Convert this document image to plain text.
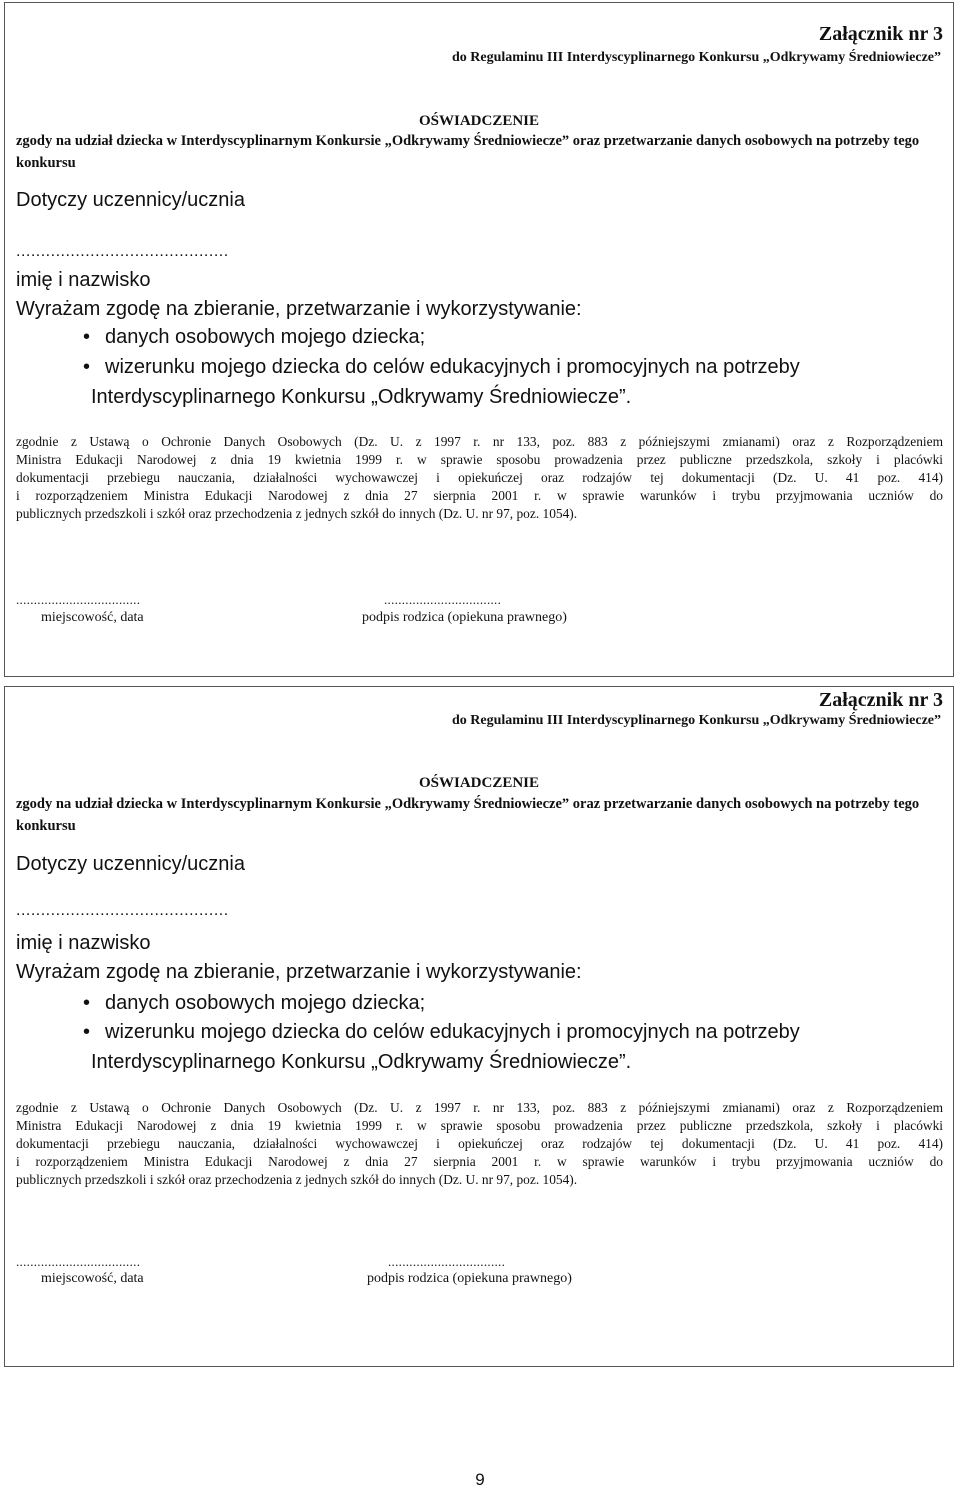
Załącznik nr 3
do Regulaminu III Interdyscyplinarnego Konkursu „Odkrywamy Średniowiecze”
OŚWIADCZENIE
zgody na udział dziecka w Interdyscyplinarnym Konkursie „Odkrywamy Średniowiecze” oraz przetwarzanie danych osobowych na potrzeby tego konkursu
Dotyczy uczennicy/ucznia
...........................................
imię i nazwisko
Wyrażam zgodę na zbieranie, przetwarzanie i wykorzystywanie:
• danych osobowych mojego dziecka;
• wizerunku mojego dziecka do celów edukacyjnych i promocyjnych na potrzeby
Interdyscyplinarnego Konkursu „Odkrywamy Średniowiecze”.

zgodnie z Ustawą o Ochronie Danych Osobowych (Dz. U. z 1997 r. nr 133, poz. 883 z późniejszymi zmianami) oraz z Rozporządzeniem

Ministra Edukacji Narodowej z dnia 19 kwietnia 1999 r. w sprawie sposobu prowadzenia przez publiczne przedszkola, szkoły i placówki

dokumentacji przebiegu nauczania, działalności wychowawczej i opiekuńczej oraz rodzajów tej dokumentacji (Dz. U. 41 poz. 414)

i rozporządzeniem Ministra Edukacji Narodowej z dnia 27 sierpnia 2001 r. w sprawie warunków i trybu przyjmowania uczniów do

publicznych przedszkoli i szkół oraz przechodzenia z jednych szkół do innych (Dz. U. nr 97, poz. 1054).

...................................
miejscowość, data
.................................
podpis rodzica (opiekuna prawnego)
Załącznik nr 3
do Regulaminu III Interdyscyplinarnego Konkursu „Odkrywamy Średniowiecze”
OŚWIADCZENIE
zgody na udział dziecka w Interdyscyplinarnym Konkursie „Odkrywamy Średniowiecze” oraz przetwarzanie danych osobowych na potrzeby tego konkursu
Dotyczy uczennicy/ucznia
...........................................
imię i nazwisko
Wyrażam zgodę na zbieranie, przetwarzanie i wykorzystywanie:
• danych osobowych mojego dziecka;
• wizerunku mojego dziecka do celów edukacyjnych i promocyjnych na potrzeby
Interdyscyplinarnego Konkursu „Odkrywamy Średniowiecze”.

zgodnie z Ustawą o Ochronie Danych Osobowych (Dz. U. z 1997 r. nr 133, poz. 883 z późniejszymi zmianami) oraz z Rozporządzeniem

Ministra Edukacji Narodowej z dnia 19 kwietnia 1999 r. w sprawie sposobu prowadzenia przez publiczne przedszkola, szkoły i placówki

dokumentacji przebiegu nauczania, działalności wychowawczej i opiekuńczej oraz rodzajów tej dokumentacji (Dz. U. 41 poz. 414)

i rozporządzeniem Ministra Edukacji Narodowej z dnia 27 sierpnia 2001 r. w sprawie warunków i trybu przyjmowania uczniów do

publicznych przedszkoli i szkół oraz przechodzenia z jednych szkół do innych (Dz. U. nr 97, poz. 1054).

...................................
miejscowość, data
.................................
podpis rodzica (opiekuna prawnego)
9
